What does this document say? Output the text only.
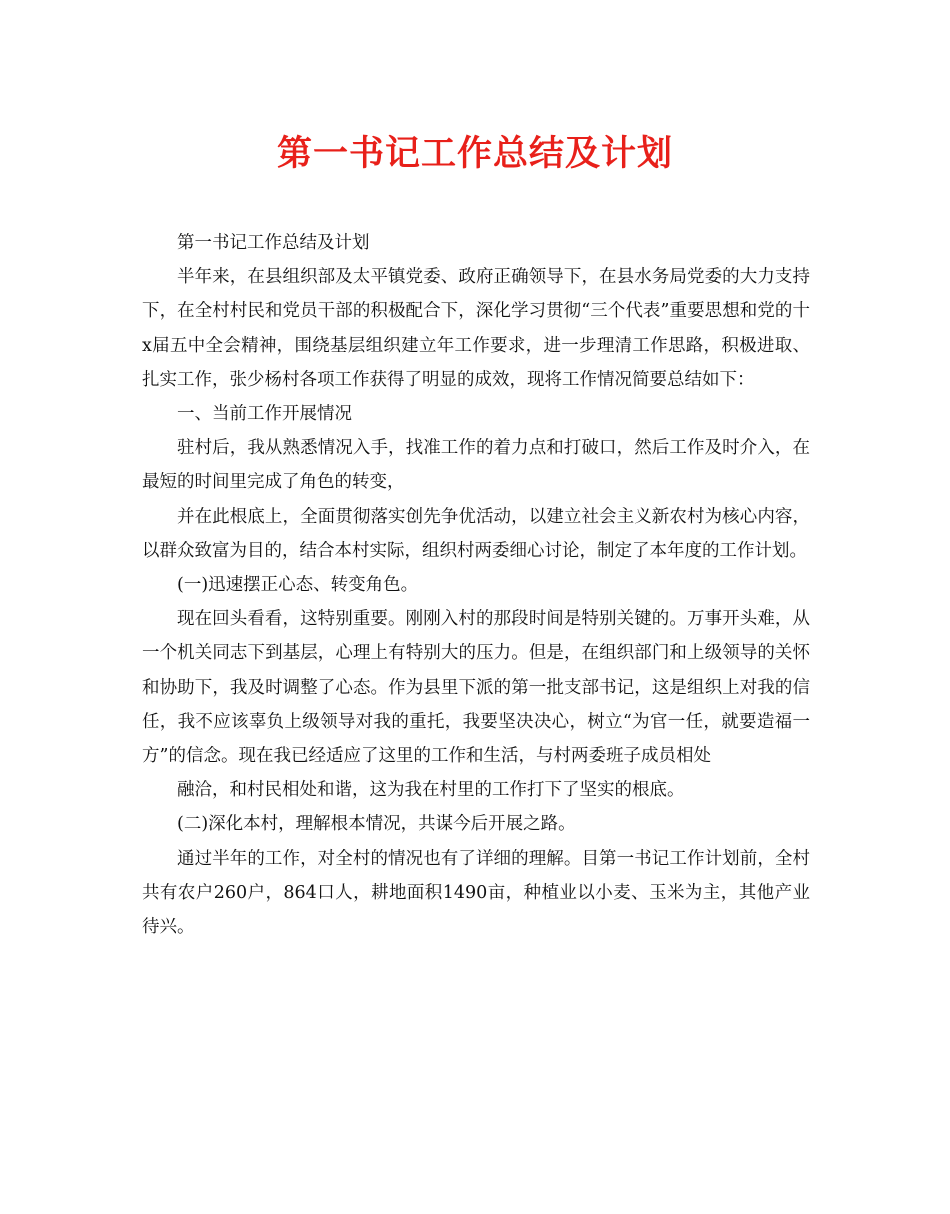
第一书记工作总结及计划

第一书记工作总结及计划

半年来，在县组织部及太平镇党委、政府正确领导下，在县水务局党委的大力支持下，在全村村民和党员干部的积极配合下，深化学习贯彻“三个代表”重要思想和党的十x届五中全会精神，围绕基层组织建立年工作要求，进一步理清工作思路，积极进取、扎实工作，张少杨村各项工作获得了明显的成效，现将工作情况简要总结如下：

一、当前工作开展情况

驻村后，我从熟悉情况入手，找准工作的着力点和打破口，然后工作及时介入，在最短的时间里完成了角色的转变，

并在此根底上，全面贯彻落实创先争优活动，以建立社会主义新农村为核心内容，以群众致富为目的，结合本村实际，组织村两委细心讨论，制定了本年度的工作计划。

(一)迅速摆正心态、转变角色。

现在回头看看，这特别重要。刚刚入村的那段时间是特别关键的。万事开头难，从一个机关同志下到基层，心理上有特别大的压力。但是，在组织部门和上级领导的关怀和协助下，我及时调整了心态。作为县里下派的第一批支部书记，这是组织上对我的信任，我不应该辜负上级领导对我的重托，我要坚决决心，树立“为官一任，就要造福一方”的信念。现在我已经适应了这里的工作和生活，与村两委班子成员相处

融洽，和村民相处和谐，这为我在村里的工作打下了坚实的根底。

(二)深化本村，理解根本情况，共谋今后开展之路。

通过半年的工作，对全村的情况也有了详细的理解。目第一书记工作计划前，全村共有农户260户，864口人，耕地面积1490亩，种植业以小麦、玉米为主，其他产业待兴。
